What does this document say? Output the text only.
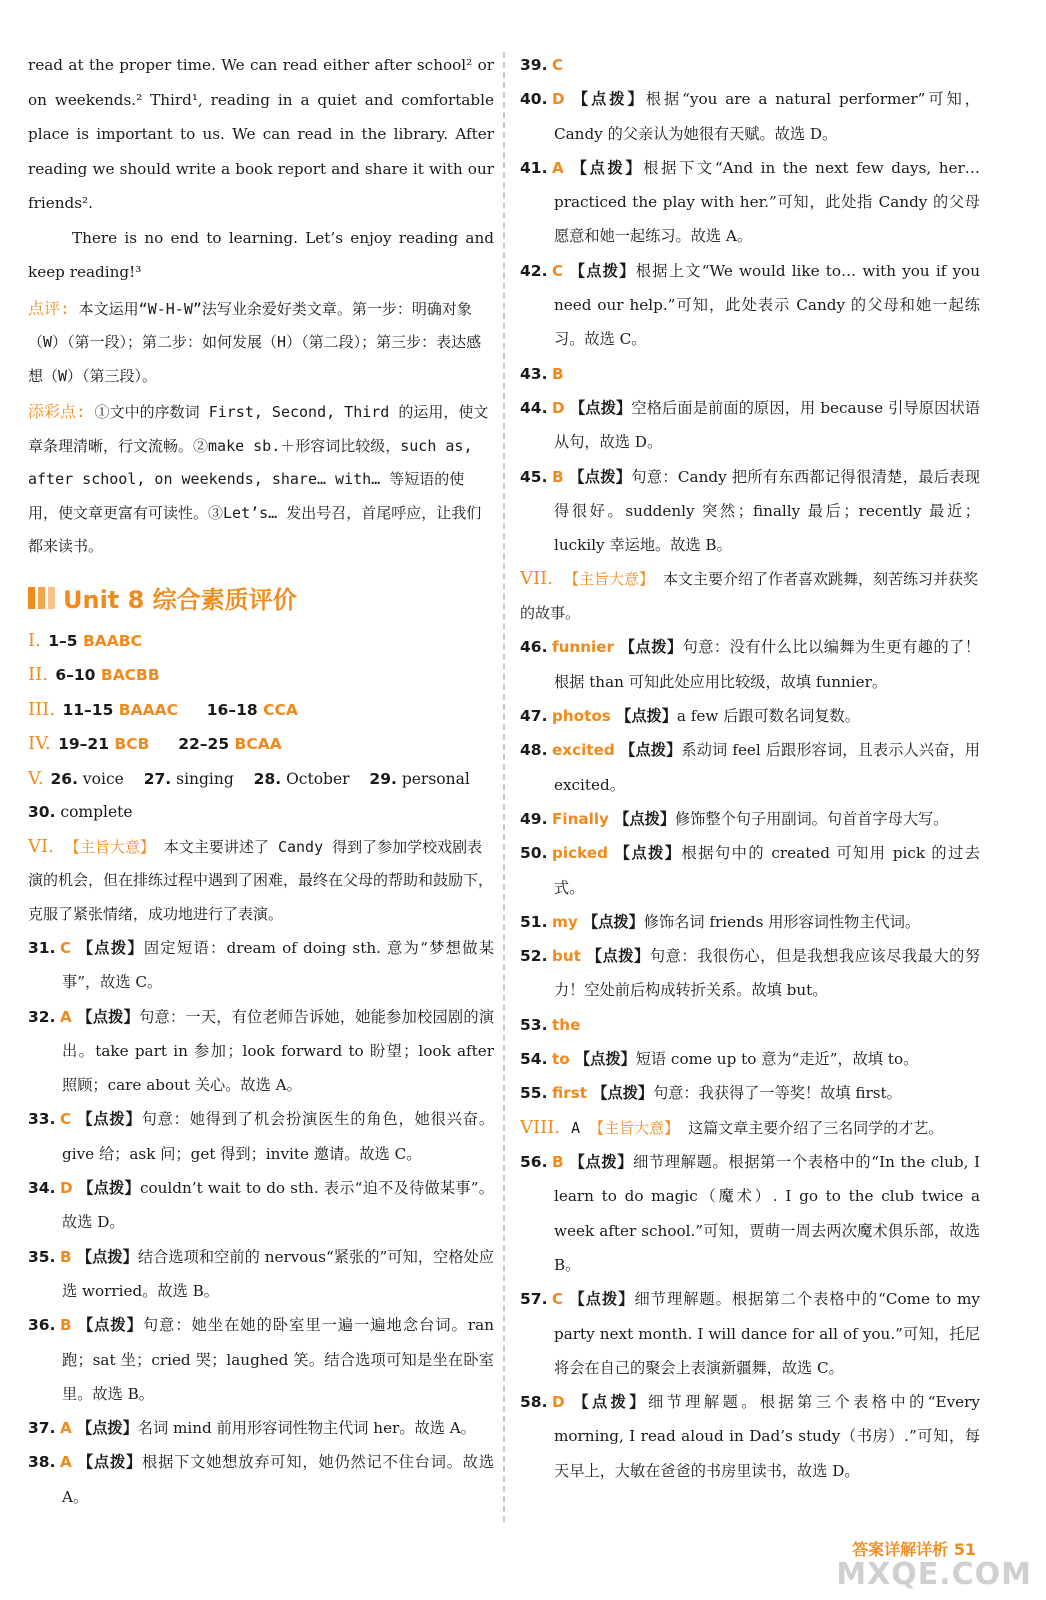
read at the proper time. We can read either after school² or on weekends.² Third¹, reading in a quiet and comfortable place is important to us. We can read in the library. After reading we should write a book report and share it with our friends².

There is no end to learning. Let’s enjoy reading and keep reading!³

点评: 本文运用“W-H-W”法写业余爱好类文章。第一步：明确对象（W）（第一段）；第二步：如何发展（H）（第二段）；第三步：表达感想（W）（第三段）。
添彩点: ①文中的序数词 First, Second, Third 的运用，使文章条理清晰，行文流畅。②make sb.＋形容词比较级，such as, after school, on weekends, share… with… 等短语的使用，使文章更富有可读性。③Let’s… 发出号召，首尾呼应，让我们都来读书。
Unit 8 综合素质评价
I. 1–5 BAABC
II. 6–10 BACBB
III. 11–15 BAAAC 16–18 CCA
IV. 19–21 BCB 22–25 BCAA
V. 26. voice 27. singing 28. October 29. personal
30. complete
VI. 【主旨大意】 本文主要讲述了 Candy 得到了参加学校戏剧表演的机会，但在排练过程中遇到了困难，最终在父母的帮助和鼓励下，克服了紧张情绪，成功地进行了表演。

31. C 【点拨】固定短语：dream of doing sth. 意为“梦想做某事”，故选 C。

32. A 【点拨】句意：一天，有位老师告诉她，她能参加校园剧的演出。take part in 参加；look forward to 盼望；look after 照顾；care about 关心。故选 A。

33. C 【点拨】句意：她得到了机会扮演医生的角色，她很兴奋。give 给；ask 问；get 得到；invite 邀请。故选 C。

34. D 【点拨】couldn’t wait to do sth. 表示“迫不及待做某事”。故选 D。

35. B 【点拨】结合选项和空前的 nervous“紧张的”可知，空格处应选 worried。故选 B。

36. B 【点拨】句意：她坐在她的卧室里一遍一遍地念台词。ran 跑；sat 坐；cried 哭；laughed 笑。结合选项可知是坐在卧室里。故选 B。

37. A 【点拨】名词 mind 前用形容词性物主代词 her。故选 A。

38. A 【点拨】根据下文她想放弃可知，她仍然记不住台词。故选 A。

39. C

40. D 【点拨】根据“you are a natural performer”可知，Candy 的父亲认为她很有天赋。故选 D。

41. A 【点拨】根据下文“And in the next few days, her… practiced the play with her.”可知，此处指 Candy 的父母愿意和她一起练习。故选 A。

42. C 【点拨】根据上文“We would like to… with you if you need our help.”可知，此处表示 Candy 的父母和她一起练习。故选 C。

43. B

44. D 【点拨】空格后面是前面的原因，用 because 引导原因状语从句，故选 D。

45. B 【点拨】句意：Candy 把所有东西都记得很清楚，最后表现得很好。suddenly 突然；finally 最后；recently 最近；luckily 幸运地。故选 B。

VII. 【主旨大意】 本文主要介绍了作者喜欢跳舞，刻苦练习并获奖的故事。

46. funnier 【点拨】句意：没有什么比以编舞为生更有趣的了！根据 than 可知此处应用比较级，故填 funnier。

47. photos 【点拨】a few 后跟可数名词复数。

48. excited 【点拨】系动词 feel 后跟形容词，且表示人兴奋，用 excited。

49. Finally 【点拨】修饰整个句子用副词。句首首字母大写。

50. picked 【点拨】根据句中的 created 可知用 pick 的过去式。

51. my 【点拨】修饰名词 friends 用形容词性物主代词。

52. but 【点拨】句意：我很伤心，但是我想我应该尽我最大的努力！空处前后构成转折关系。故填 but。

53. the

54. to 【点拨】短语 come up to 意为“走近”，故填 to。

55. first 【点拨】句意：我获得了一等奖！故填 first。

VIII. A 【主旨大意】 这篇文章主要介绍了三名同学的才艺。

56. B 【点拨】细节理解题。根据第一个表格中的“In the club, I learn to do magic（魔术）. I go to the club twice a week after school.”可知，贾萌一周去两次魔术俱乐部，故选 B。

57. C 【点拨】细节理解题。根据第二个表格中的“Come to my party next month. I will dance for all of you.”可知，托尼将会在自己的聚会上表演新疆舞，故选 C。

58. D 【点拨】细节理解题。根据第三个表格中的“Every morning, I read aloud in Dad’s study（书房）.”可知，每天早上，大敏在爸爸的书房里读书，故选 D。

答案详解详析 51
MXQE.COM
